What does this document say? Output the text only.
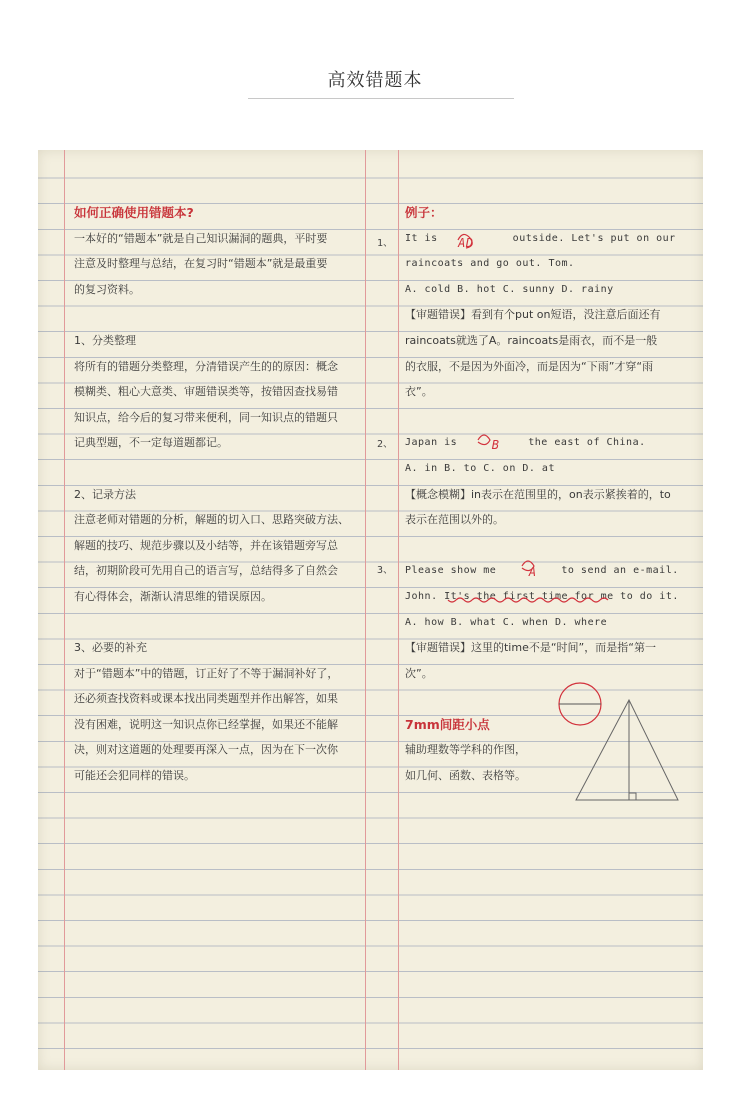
高效错题本
如何正确使用错题本?
一本好的“错题本”就是自己知识漏洞的题典，平时要
注意及时整理与总结，在复习时“错题本”就是最重要
的复习资料。
1、分类整理
将所有的错题分类整理，分清错误产生的的原因：概念
模糊类、粗心大意类、审题错误类等，按错因查找易错
知识点，给今后的复习带来便利，同一知识点的错题只
记典型题，不一定每道题都记。
2、记录方法
注意老师对错题的分析，解题的切入口、思路突破方法、
解题的技巧、规范步骤以及小结等，并在该错题旁写总
结，初期阶段可先用自己的语言写，总结得多了自然会
有心得体会，渐渐认清思维的错误原因。
3、必要的补充
对于“错题本”中的错题，订正好了不等于漏洞补好了，
还必须查找资料或课本找出同类题型并作出解答，如果
没有困难，说明这一知识点你已经掌握，如果还不能解
决，则对这道题的处理要再深入一点，因为在下一次你
可能还会犯同样的错误。
1、
2、
3、
例子：
It is AD	outside. Let's put on our
raincoats and go out. Tom.
A. cold B. hot C. sunny D. rainy
【审题错误】看到有个put on短语，没注意后面还有
raincoats就选了A。raincoats是雨衣，而不是一般
的衣服，不是因为外面冷，而是因为“下雨”才穿“雨
衣”。
Japan is	B	the east of China.
A. in B. to C. on D. at
【概念模糊】in表示在范围里的，on表示紧挨着的，to
表示在范围以外的。
Please show me	A to send an e-mail.
John. It's the first time for me to do it.
A. how B. what C. when D. where
【审题错误】这里的time不是“时间”，而是指“第一
次”。
7mm间距小点
辅助理数等学科的作图，
如几何、函数、表格等。
